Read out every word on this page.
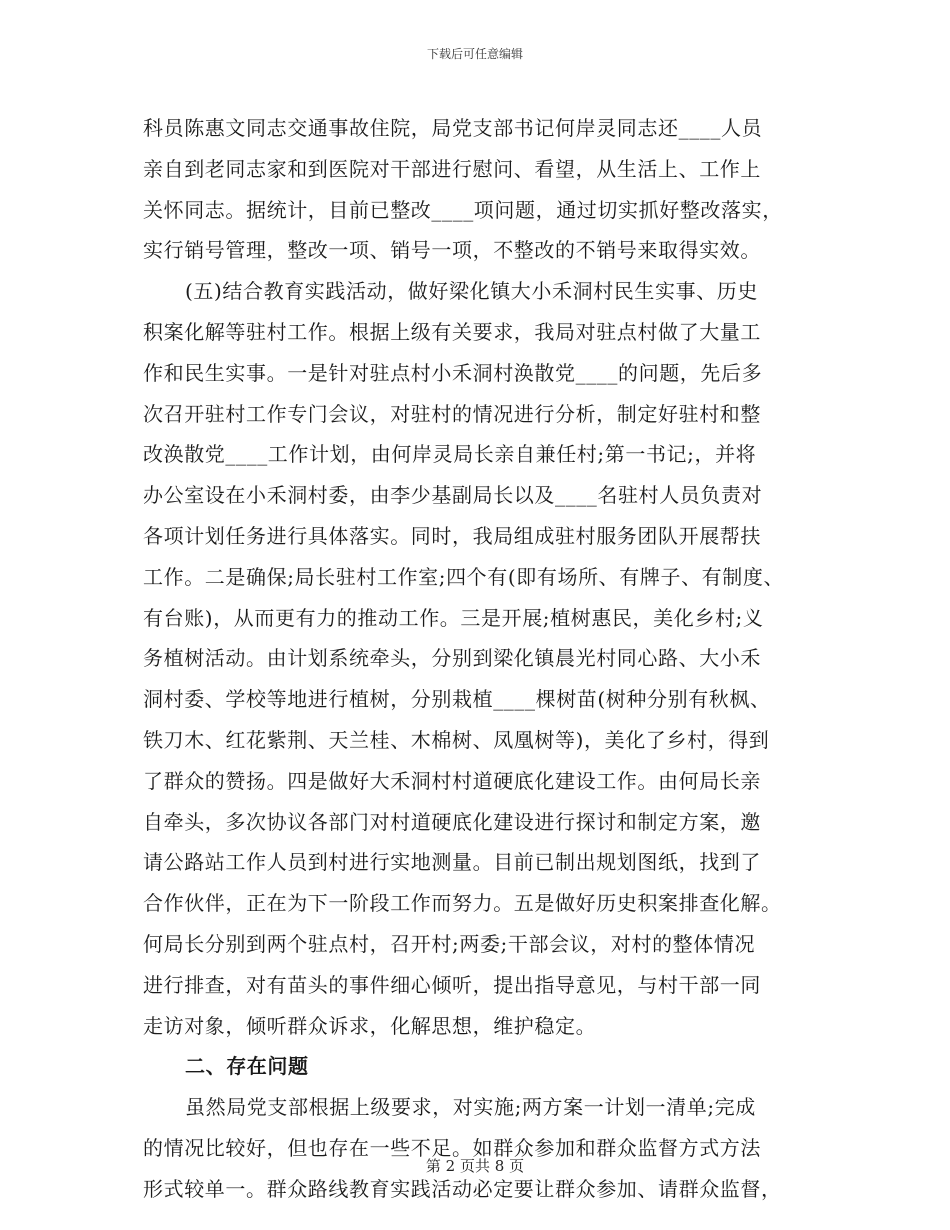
下载后可任意编辑
科员陈惠文同志交通事故住院，局党支部书记何岸灵同志还____人员
亲自到老同志家和到医院对干部进行慰问、看望，从生活上、工作上
关怀同志。据统计，目前已整改____项问题，通过切实抓好整改落实，
实行销号管理，整改一项、销号一项，不整改的不销号来取得实效。
(五)结合教育实践活动，做好梁化镇大小禾洞村民生实事、历史
积案化解等驻村工作。根据上级有关要求，我局对驻点村做了大量工
作和民生实事。一是针对驻点村小禾洞村涣散党____的问题，先后多
次召开驻村工作专门会议，对驻村的情况进行分析，制定好驻村和整
改涣散党____工作计划，由何岸灵局长亲自兼任村;第一书记;，并将
办公室设在小禾洞村委，由李少基副局长以及____名驻村人员负责对
各项计划任务进行具体落实。同时，我局组成驻村服务团队开展帮扶
工作。二是确保;局长驻村工作室;四个有(即有场所、有牌子、有制度、
有台账)，从而更有力的推动工作。三是开展;植树惠民，美化乡村;义
务植树活动。由计划系统牵头，分别到梁化镇晨光村同心路、大小禾
洞村委、学校等地进行植树，分别栽植____棵树苗(树种分别有秋枫、
铁刀木、红花紫荆、天兰桂、木棉树、凤凰树等)，美化了乡村，得到
了群众的赞扬。四是做好大禾洞村村道硬底化建设工作。由何局长亲
自牵头，多次协议各部门对村道硬底化建设进行探讨和制定方案，邀
请公路站工作人员到村进行实地测量。目前已制出规划图纸，找到了
合作伙伴，正在为下一阶段工作而努力。五是做好历史积案排查化解。
何局长分别到两个驻点村，召开村;两委;干部会议，对村的整体情况
进行排查，对有苗头的事件细心倾听，提出指导意见，与村干部一同
走访对象，倾听群众诉求，化解思想，维护稳定。
二、存在问题
虽然局党支部根据上级要求，对实施;两方案一计划一清单;完成
的情况比较好，但也存在一些不足。如群众参加和群众监督方式方法
形式较单一。群众路线教育实践活动必定要让群众参加、请群众监督，
第 2 页共 8 页
